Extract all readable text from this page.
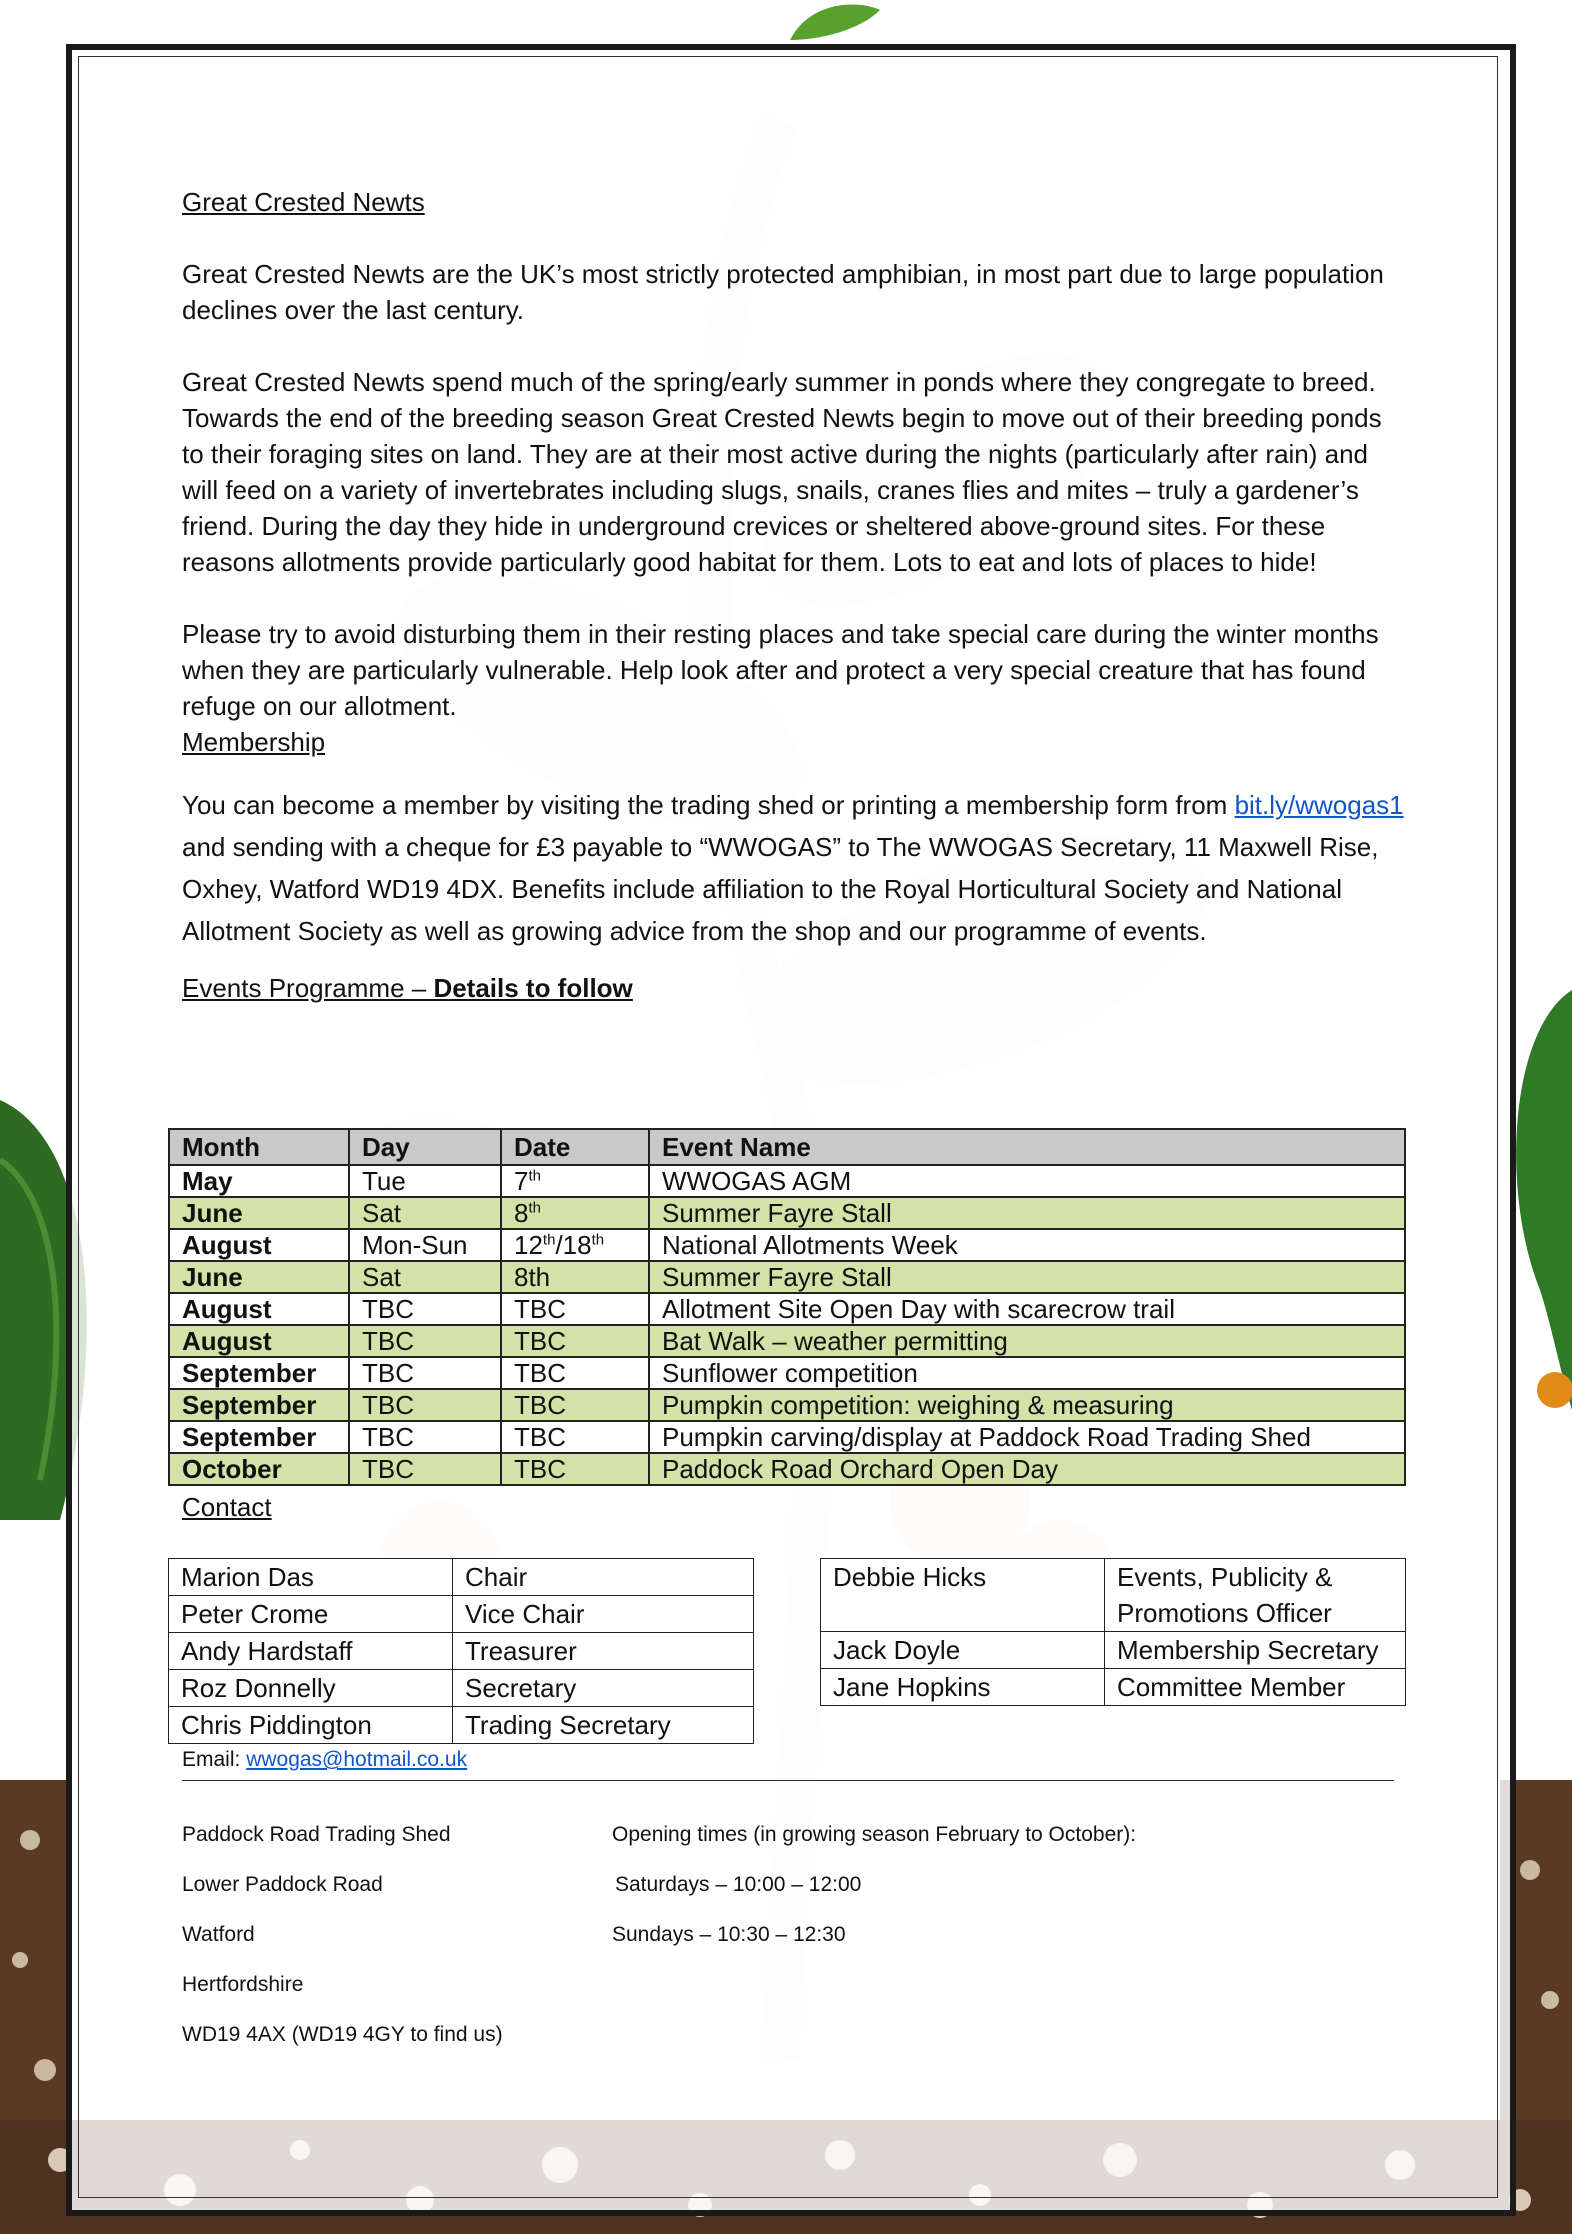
Great Crested Newts

Great Crested Newts are the UK’s most strictly protected amphibian, in most part due to large population declines over the last century.

Great Crested Newts spend much of the spring/early summer in ponds where they congregate to breed. Towards the end of the breeding season Great Crested Newts begin to move out of their breeding ponds to their foraging sites on land. They are at their most active during the nights (particularly after rain) and will feed on a variety of invertebrates including slugs, snails, cranes flies and mites – truly a gardener’s friend. During the day they hide in underground crevices or sheltered above-ground sites. For these reasons allotments provide particularly good habitat for them. Lots to eat and lots of places to hide!

Please try to avoid disturbing them in their resting places and take special care during the winter months when they are particularly vulnerable. Help look after and protect a very special creature that has found refuge on our allotment.

Membership

You can become a member by visiting the trading shed or printing a membership form from bit.ly/wwogas1 and sending with a cheque for £3 payable to “WWOGAS” to The WWOGAS Secretary, 11 Maxwell Rise, Oxhey, Watford WD19 4DX. Benefits include affiliation to the Royal Horticultural Society and National Allotment Society as well as growing advice from the shop and our programme of events.

Events Programme – Details to follow

Month	Day	Date	Event Name
May	Tue	7th	WWOGAS AGM
June	Sat	8th	Summer Fayre Stall
August	Mon-Sun	12th/18th	National Allotments Week
June	Sat	8th	Summer Fayre Stall
August	TBC	TBC	Allotment Site Open Day with scarecrow trail
August	TBC	TBC	Bat Walk – weather permitting
September	TBC	TBC	Sunflower competition
September	TBC	TBC	Pumpkin competition: weighing & measuring
September	TBC	TBC	Pumpkin carving/display at Paddock Road Trading Shed
October	TBC	TBC	Paddock Road Orchard Open Day
Contact
Marion Das	Chair
Peter Crome	Vice Chair
Andy Hardstaff	Treasurer
Roz Donnelly	Secretary
Chris Piddington	Trading Secretary
Debbie Hicks	Events, Publicity & Promotions Officer
Jack Doyle	Membership Secretary
Jane Hopkins	Committee Member
Email: wwogas@hotmail.co.uk
Paddock Road Trading Shed
Lower Paddock Road
Watford
Hertfordshire
WD19 4AX (WD19 4GY to find us)
Opening times (in growing season February to October):
Saturdays – 10:00 – 12:00
Sundays – 10:30 – 12:30
